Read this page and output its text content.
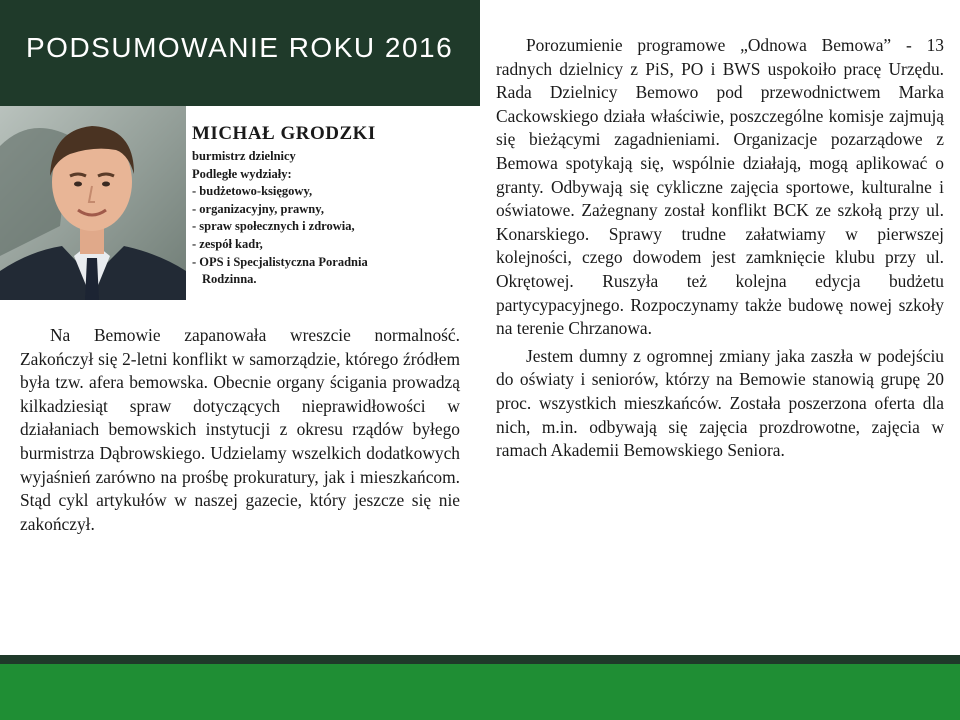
PODSUMOWANIE ROKU 2016
MICHAŁ GRODZKI
burmistrz dzielnicy
Podległe wydziały:
- budżetowo-księgowy,
- organizacyjny, prawny,
- spraw społecznych i zdrowia,
- zespół kadr,
- OPS i Specjalistyczna Poradnia
Rodzinna.

Na Bemowie zapanowała wreszcie normalność. Zakończył się 2-letni konflikt w samorządzie, którego źródłem była tzw. afera bemowska. Obecnie organy ścigania prowadzą kilkadziesiąt spraw dotyczących nieprawidłowości w działaniach bemowskich instytucji z okresu rządów byłego burmistrza Dąbrowskiego. Udzielamy wszelkich dodatkowych wyjaśnień zarówno na prośbę prokuratury, jak i mieszkańcom. Stąd cykl artykułów w naszej gazecie, który jeszcze się nie zakończył.

Porozumienie programowe „Odnowa Bemowa” - 13 radnych dzielnicy z PiS, PO i BWS uspokoiło pracę Urzędu. Rada Dzielnicy Bemowo pod przewodnictwem Marka Cackowskiego działa właściwie, poszczególne komisje zajmują się bieżącymi zagadnieniami. Organizacje pozarządowe z Bemowa spotykają się, wspólnie działają, mogą aplikować o granty. Odbywają się cykliczne zajęcia sportowe, kulturalne i oświatowe. Zażegnany został konflikt BCK ze szkołą przy ul. Konarskiego. Sprawy trudne załatwiamy w pierwszej kolejności, czego dowodem jest zamknięcie klubu przy ul. Okrętowej. Ruszyła też kolejna edycja budżetu partycypacyjnego. Rozpoczynamy także budowę nowej szkoły na terenie Chrzanowa.

Jestem dumny z ogromnej zmiany jaka zaszła w podejściu do oświaty i seniorów, którzy na Bemowie stanowią grupę 20 proc. wszystkich mieszkańców. Została poszerzona oferta dla nich, m.in. odbywają się zajęcia prozdrowotne, zajęcia w ramach Akademii Bemowskiego Seniora.
